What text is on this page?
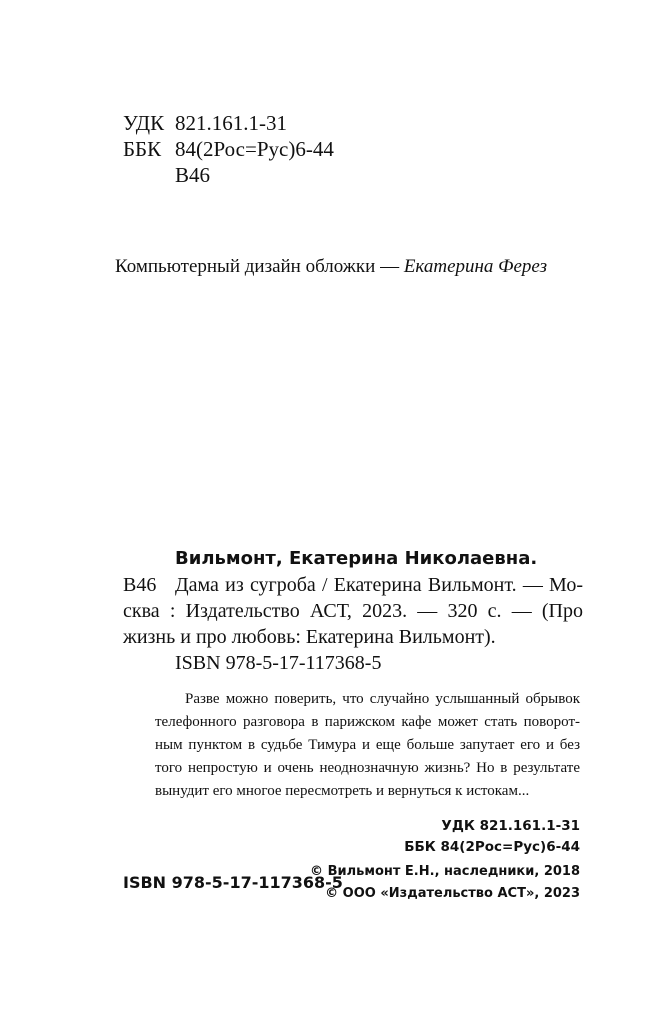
УДК 821.161.1-31
ББК 84(2Рос=Рус)6-44
В46
Компьютерный дизайн обложки — Екатерина Ферез
Вильмонт, Екатерина Николаевна.
В46 Дама из сугроба / Екатерина Вильмонт. — Мо-
сква : Издательство АСТ, 2023. — 320 с. — (Про
жизнь и про любовь: Екатерина Вильмонт).
ISBN 978-5-17-117368-5
Разве можно поверить, что случайно услышанный обрывок
телефонного разговора в парижском кафе может стать поворот-
ным пунктом в судьбе Тимура и еще больше запутает его и без
того непростую и очень неоднозначную жизнь? Но в результате
вынудит его многое пересмотреть и вернуться к истокам...
УДК 821.161.1-31
ББК 84(2Рос=Рус)6-44
ISBN 978-5-17-117368-5
© Вильмонт Е.Н., наследники, 2018
© ООО «Издательство АСТ», 2023
